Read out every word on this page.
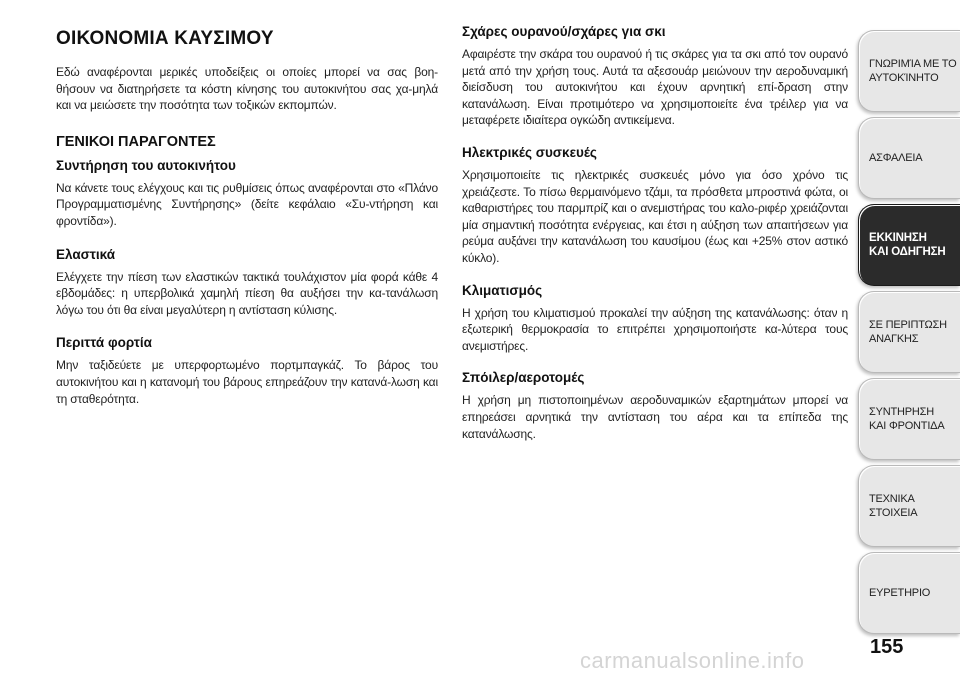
ΟΙΚΟΝΟΜΙΑ ΚΑΥΣΙΜΟΥ

Εδώ αναφέρονται μερικές υποδείξεις οι οποίες μπορεί να σας βοη-θήσουν να διατηρήσετε τα κόστη κίνησης του αυτοκινήτου σας χα-μηλά και να μειώσετε την ποσότητα των τοξικών εκπομπών.

ΓΕΝΙΚΟΙ ΠΑΡΑΓΟΝΤΕΣ
Συντήρηση του αυτοκινήτου

Να κάνετε τους ελέγχους και τις ρυθμίσεις όπως αναφέρονται στο «Πλάνο Προγραμματισμένης Συντήρησης» (δείτε κεφάλαιο «Συ-ντήρηση και φροντίδα»).

Ελαστικά

Ελέγχετε την πίεση των ελαστικών τακτικά τουλάχιστον μία φορά κάθε 4 εβδομάδες: η υπερβολικά χαμηλή πίεση θα αυξήσει την κα-τανάλωση λόγω του ότι θα είναι μεγαλύτερη η αντίσταση κύλισης.

Περιττά φορτία

Μην ταξιδεύετε με υπερφορτωμένο πορτμπαγκάζ. Το βάρος του αυτοκινήτου και η κατανομή του βάρους επηρεάζουν την κατανά-λωση και τη σταθερότητα.

Σχάρες ουρανού/σχάρες για σκι

Αφαιρέστε την σκάρα του ουρανού ή τις σκάρες για τα σκι από τον ουρανό μετά από την χρήση τους. Αυτά τα αξεσουάρ μειώνουν την αεροδυναμική διείσδυση του αυτοκινήτου και έχουν αρνητική επί-δραση στην κατανάλωση. Είναι προτιμότερο να χρησιμοποιείτε ένα τρέιλερ για να μεταφέρετε ιδιαίτερα ογκώδη αντικείμενα.

Ηλεκτρικές συσκευές

Χρησιμοποιείτε τις ηλεκτρικές συσκευές μόνο για όσο χρόνο τις χρειάζεστε. Το πίσω θερμαινόμενο τζάμι, τα πρόσθετα μπροστινά φώτα, οι καθαριστήρες του παρμπρίζ και ο ανεμιστήρας του καλο-ριφέρ χρειάζονται μία σημαντική ποσότητα ενέργειας, και έτσι η αύξηση των απαιτήσεων για ρεύμα αυξάνει την κατανάλωση του καυσίμου (έως και +25% στον αστικό κύκλο).

Κλιματισμός

Η χρήση του κλιματισμού προκαλεί την αύξηση της κατανάλωσης: όταν η εξωτερική θερμοκρασία το επιτρέπει χρησιμοποιήστε κα-λύτερα τους ανεμιστήρες.

Σπόιλερ/αεροτομές

Η χρήση μη πιστοποιημένων αεροδυναμικών εξαρτημάτων μπορεί να επηρεάσει αρνητικά την αντίσταση του αέρα και τα επίπεδα της κατανάλωσης.

ΓΝΩΡΙΜΊΑ ΜΕ ΤΟ
ΑΥΤΟΚΊΝΗΤΟ
ΑΣΦΑΛΕΙΑ
ΕΚΚΙΝΗΣΗ
ΚΑΙ ΟΔΗΓΗΣΗ
ΣΕ ΠΕΡΙΠΤΩΣΗ
ΑΝΑΓΚΗΣ
ΣΥΝΤΗΡΗΣΗ
ΚΑΙ ΦΡΟΝΤΙΔΑ
ΤΕΧΝΙΚΑ
ΣΤΟΙΧΕΙΑ
ΕΥΡΕΤΗΡΙΟ
155
carmanualsonline.info
